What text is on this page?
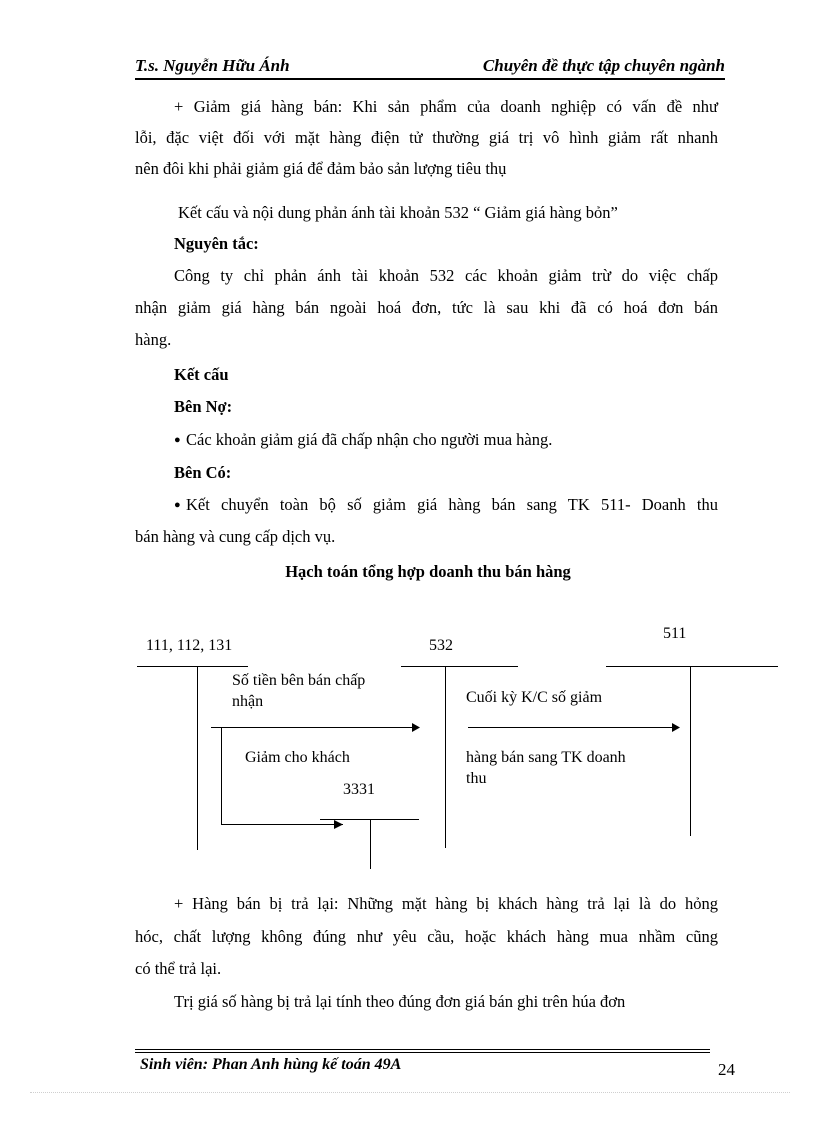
T.s. Nguyễn Hữu Ánh	Chuyên đề thực tập chuyên ngành
+ Giảm giá hàng bán: Khi sản phẩm của doanh nghiệp có vấn đề như
lỗi, đặc việt đối với mặt hàng điện tử thường giá trị vô hình giảm rất nhanh
nên đôi khi phải giảm giá để đảm bảo sản lượng tiêu thụ
Kết cấu và nội dung phản ánh tài khoản 532 “ Giảm giá hàng bỏn”
Nguyên tắc:
Công ty chỉ phản ánh tài khoản 532 các khoản giảm trừ do việc chấp
nhận giảm giá hàng bán ngoài hoá đơn, tức là sau khi đã có hoá đơn bán
hàng.
Kết cấu
Bên Nợ:
● Các khoản giảm giá đã chấp nhận cho người mua hàng.
Bên Có:
● Kết chuyển toàn bộ số giảm giá hàng bán sang TK 511- Doanh thu
bán hàng và cung cấp dịch vụ.
Hạch toán tổng hợp doanh thu bán hàng
111, 112, 131	532
511
3331
Số tiền bên bán chấp
nhận
Giảm cho khách
Cuối kỳ K/C số giảm
hàng bán sang TK doanh
thu
+ Hàng bán bị trả lại: Những mặt hàng bị khách hàng trả lại là do hỏng
hóc, chất lượng không đúng như yêu cầu, hoặc khách hàng mua nhầm cũng
có thể trả lại.
Trị giá số hàng bị trả lại tính theo đúng đơn giá bán ghi trên húa đơn
Sinh viên: Phan Anh hùng kế toán 49A	24
